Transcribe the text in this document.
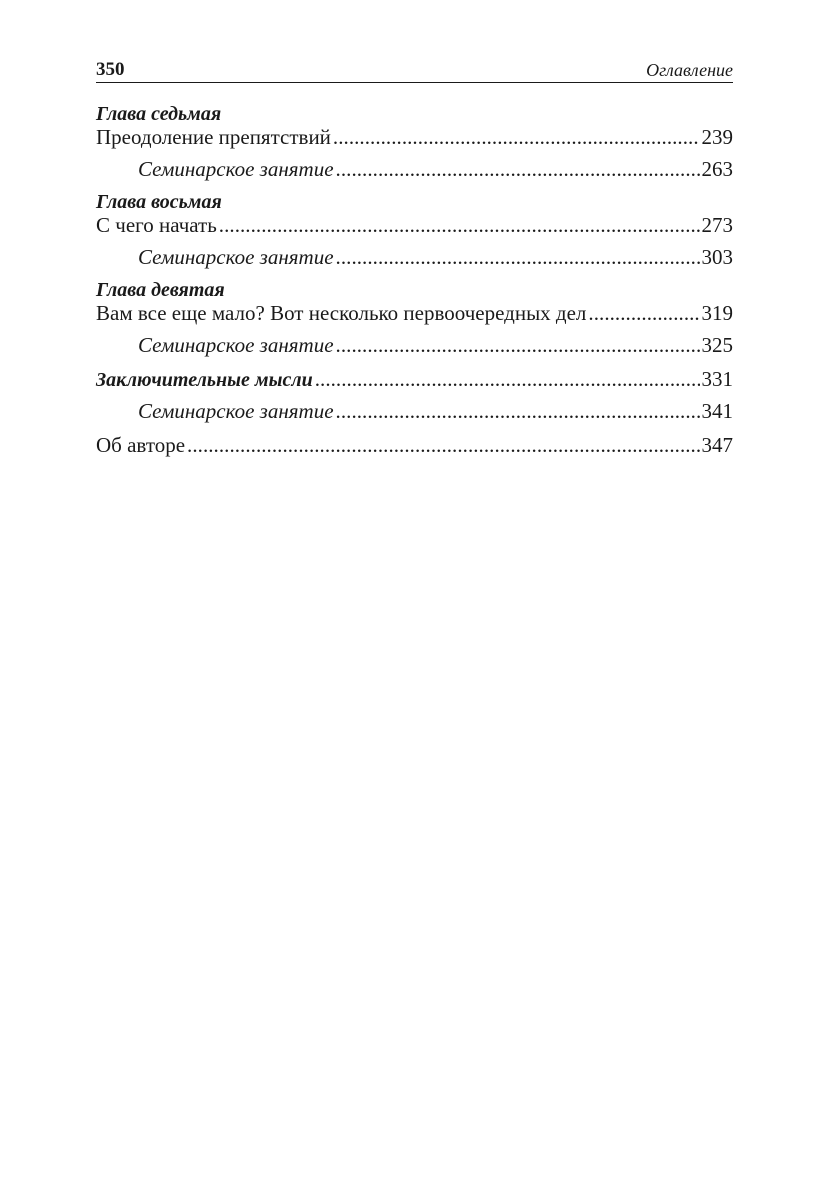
350	Оглавление
Глава седьмая
Преодоление препятствий . . .	239
Семинарское занятие . . .	263
Глава восьмая
С чего начать . . .	273
Семинарское занятие . . .	303
Глава девятая
Вам все еще мало? Вот несколько первоочередных дел . . .	319
Семинарское занятие . . .	325
Заключительные мысли . . .	331
Семинарское занятие . . .	341
Об авторе . . .	347
